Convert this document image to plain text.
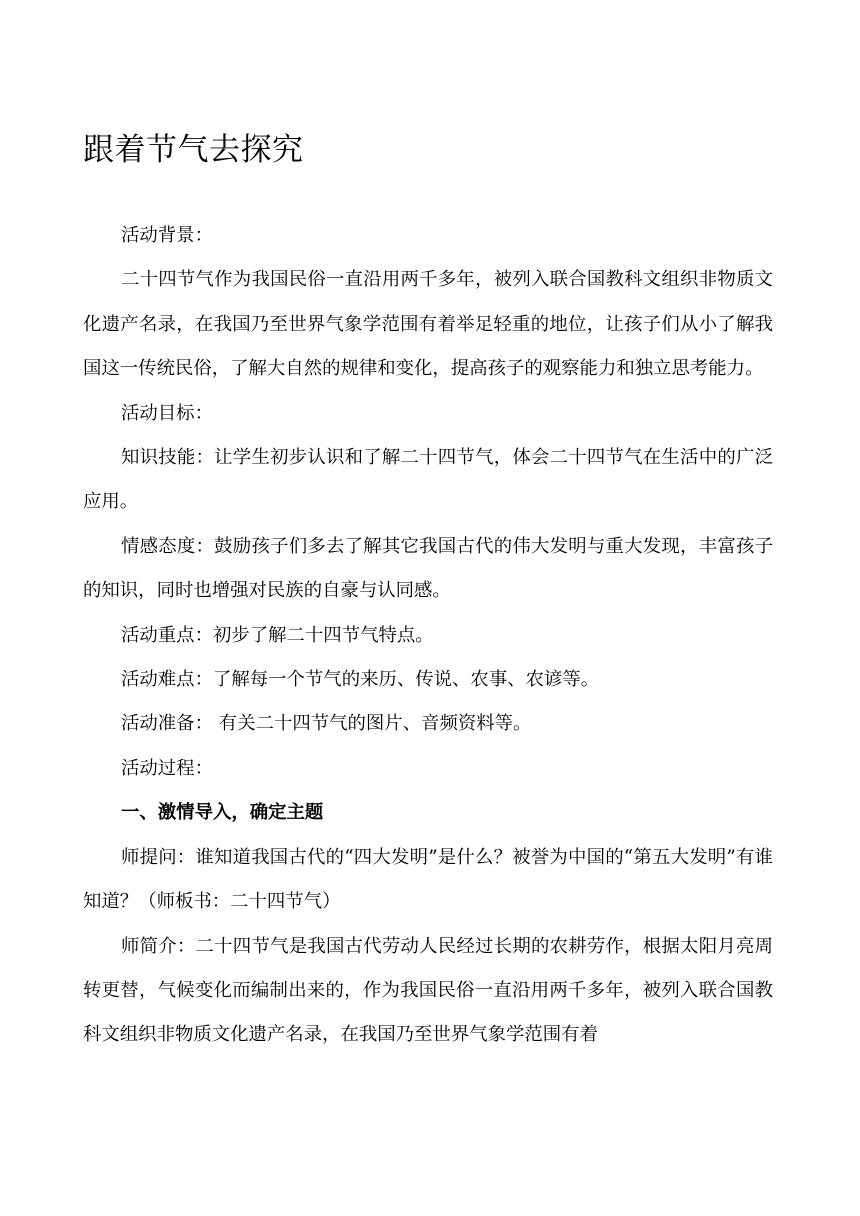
跟着节气去探究

活动背景：

二十四节气作为我国民俗一直沿用两千多年，被列入联合国教科文组织非物质文化遗产名录，在我国乃至世界气象学范围有着举足轻重的地位，让孩子们从小了解我国这一传统民俗，了解大自然的规律和变化，提高孩子的观察能力和独立思考能力。

活动目标：

知识技能：让学生初步认识和了解二十四节气，体会二十四节气在生活中的广泛应用。

情感态度：鼓励孩子们多去了解其它我国古代的伟大发明与重大发现，丰富孩子的知识，同时也增强对民族的自豪与认同感。

活动重点：初步了解二十四节气特点。

活动难点：了解每一个节气的来历、传说、农事、农谚等。

活动准备： 有关二十四节气的图片、音频资料等。

活动过程：

一、激情导入，确定主题

师提问：谁知道我国古代的“四大发明”是什么？被誉为中国的“第五大发明”有谁知道？（师板书：二十四节气）

师简介：二十四节气是我国古代劳动人民经过长期的农耕劳作，根据太阳月亮周转更替，气候变化而编制出来的，作为我国民俗一直沿用两千多年，被列入联合国教科文组织非物质文化遗产名录，在我国乃至世界气象学范围有着
